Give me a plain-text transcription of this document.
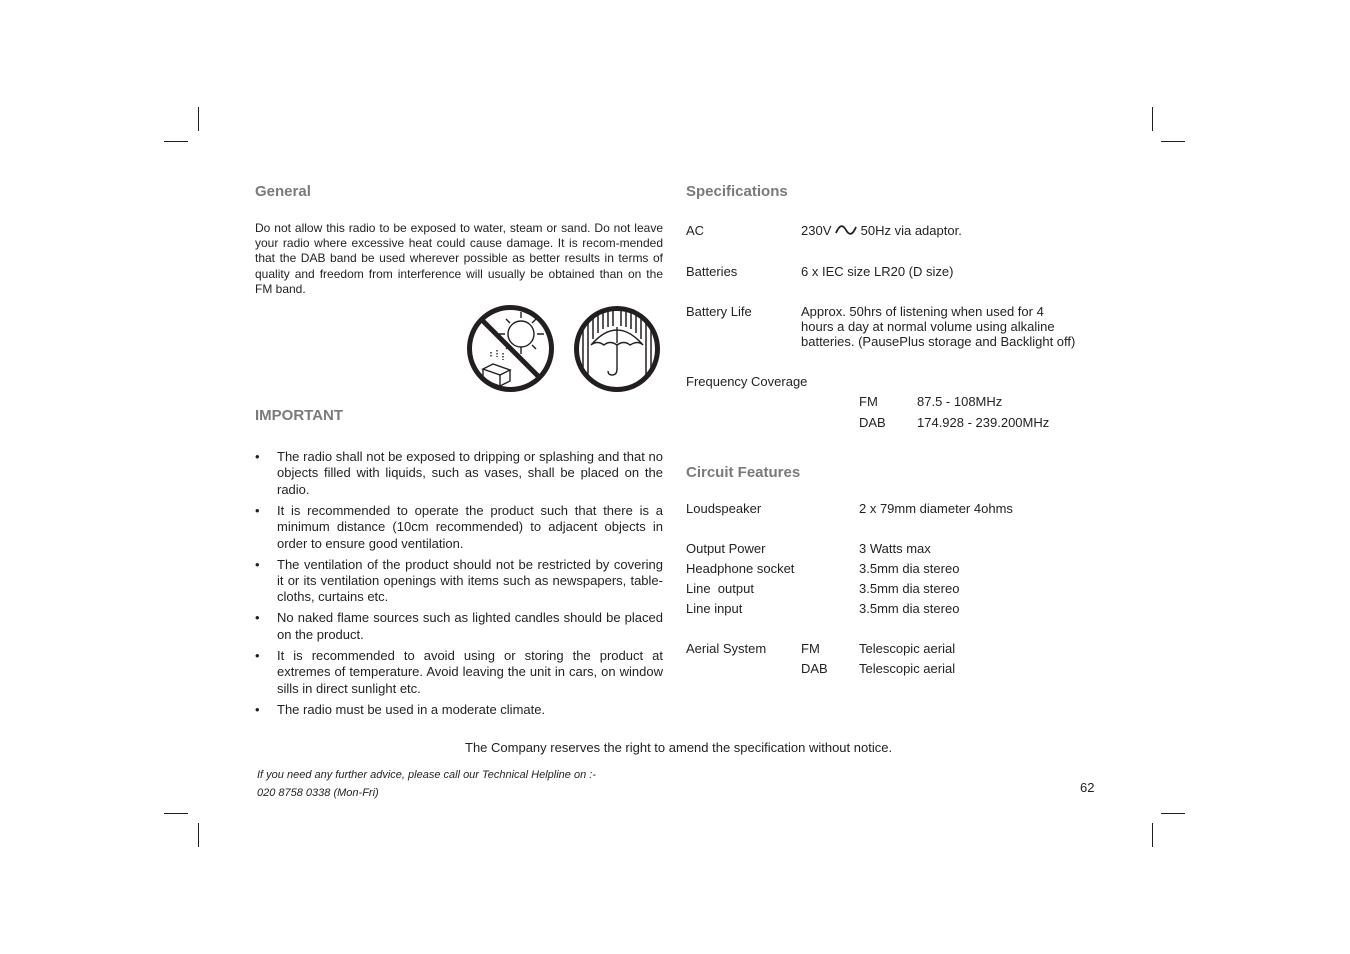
General

Do not allow this radio to be exposed to water, steam or sand. Do not leave your radio where excessive heat could cause damage. It is recom-mended that the DAB band be used wherever possible as better results in terms of quality and freedom from interference will usually be obtained than on the FM band.

IMPORTANT
• The radio shall not be exposed to dripping or splashing and that no objects filled with liquids, such as vases, shall be placed on the radio.
• It is recommended to operate the product such that there is a minimum distance (10cm recommended) to adjacent objects in order to ensure good ventilation.
• The ventilation of the product should not be restricted by covering it or its ventilation openings with items such as newspapers, table-cloths, curtains etc.
• No naked flame sources such as lighted candles should be placed on the product.
• It is recommended to avoid using or storing the product at extremes of temperature. Avoid leaving the unit in cars, on window sills in direct sunlight etc.
• The radio must be used in a moderate climate.
Specifications
AC	230V 50Hz via adaptor.
Batteries	6 x IEC size LR20 (D size)
Battery Life	Approx. 50hrs of listening when used for 4
hours a day at normal volume using alkaline
batteries. (PausePlus storage and Backlight off)
Frequency Coverage
FM	87.5 - 108MHz
DAB 174.928 - 239.200MHz
Circuit Features
Loudspeaker	2 x 79mm diameter 4ohms
Output Power	3 Watts max
Headphone socket	3.5mm dia stereo
Line  output	3.5mm dia stereo
Line input	3.5mm dia stereo
Aerial System	FM	Telescopic aerial
DAB Telescopic aerial
The Company reserves the right to amend the specification without notice.
If you need any further advice, please call our Technical Helpline on :-
020 8758 0338 (Mon-Fri)	62
